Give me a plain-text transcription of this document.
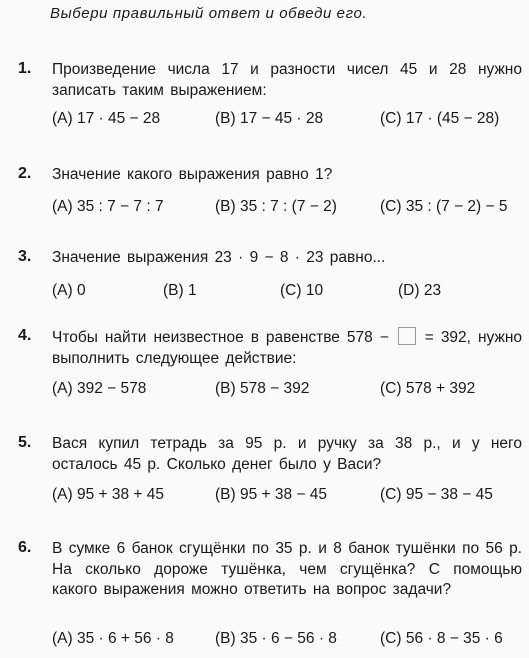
Выбери правильный ответ и обведи его.
1. Произведение числа 17 и разности чисел 45 и 28 нужно записать таким выражением:
(А) 17 · 45 − 28	(В) 17 − 45 · 28	(С) 17 · (45 − 28)
2. Значение какого выражения равно 1?
(А) 35 : 7 − 7 : 7	(В) 35 : 7 : (7 − 2)	(С) 35 : (7 − 2) − 5
3. Значение выражения 23 · 9 − 8 · 23 равно...
(А) 0	(В) 1	(С) 10	(D) 23
4. Чтобы найти неизвестное в равенстве 578 − = 392, нужно выполнить следующее действие:
(А) 392 − 578	(В) 578 − 392	(С) 578 + 392
5. Вася купил тетрадь за 95 р. и ручку за 38 р., и у него осталось 45 р. Сколько денег было у Васи?
(А) 95 + 38 + 45	(В) 95 + 38 − 45	(С) 95 − 38 − 45
6. В сумке 6 банок сгущёнки по 35 р. и 8 банок тушёнки по 56 р. На сколько дороже тушёнка, чем сгущёнка? С помощью какого выражения можно ответить на вопрос задачи?
(А) 35 · 6 + 56 · 8	(В) 35 · 6 − 56 · 8	(С) 56 · 8 − 35 · 6
